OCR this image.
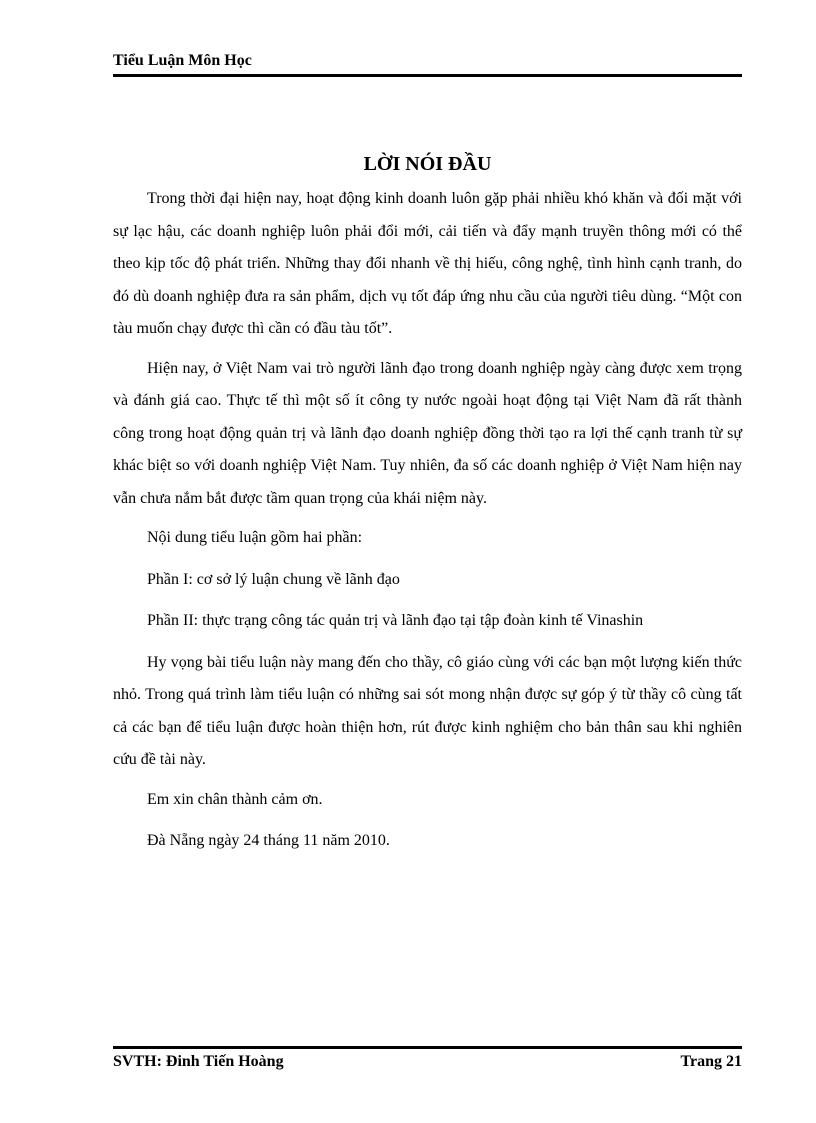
Tiểu Luận Môn Học
LỜI NÓI ĐẦU

Trong thời đại hiện nay, hoạt động kinh doanh luôn gặp phải nhiều khó khăn và đối mặt với sự lạc hậu, các doanh nghiệp luôn phải đổi mới, cải tiến và đẩy mạnh truyền thông mới có thể theo kịp tốc độ phát triển. Những thay đổi nhanh về thị hiếu, công nghệ, tình hình cạnh tranh, do đó dù doanh nghiệp đưa ra sản phẩm, dịch vụ tốt đáp ứng nhu cầu của người tiêu dùng. “Một con tàu muốn chạy được thì cần có đầu tàu tốt”.

Hiện nay, ở Việt Nam vai trò người lãnh đạo trong doanh nghiệp ngày càng được xem trọng và đánh giá cao. Thực tế thì một số ít công ty nước ngoài hoạt động tại Việt Nam đã rất thành công trong hoạt động quản trị và lãnh đạo doanh nghiệp đồng thời tạo ra lợi thế cạnh tranh từ sự khác biệt so với doanh nghiệp Việt Nam. Tuy nhiên, đa số các doanh nghiệp ở Việt Nam hiện nay vẫn chưa nắm bắt được tầm quan trọng của khái niệm này.

Nội dung tiểu luận gồm hai phần:

Phần I: cơ sở lý luận chung về lãnh đạo

Phần II: thực trạng công tác quản trị và lãnh đạo tại tập đoàn kinh tế Vinashin

Hy vọng bài tiểu luận này mang đến cho thầy, cô giáo cùng với các bạn một lượng kiến thức nhỏ. Trong quá trình làm tiểu luận có những sai sót mong nhận được sự góp ý từ thầy cô cùng tất cả các bạn để tiểu luận được hoàn thiện hơn, rút được kinh nghiệm cho bản thân sau khi nghiên cứu đề tài này.

Em xin chân thành cảm ơn.

Đà Nẵng ngày 24 tháng 11 năm 2010.

SVTH: Đinh Tiến Hoàng	Trang 21
